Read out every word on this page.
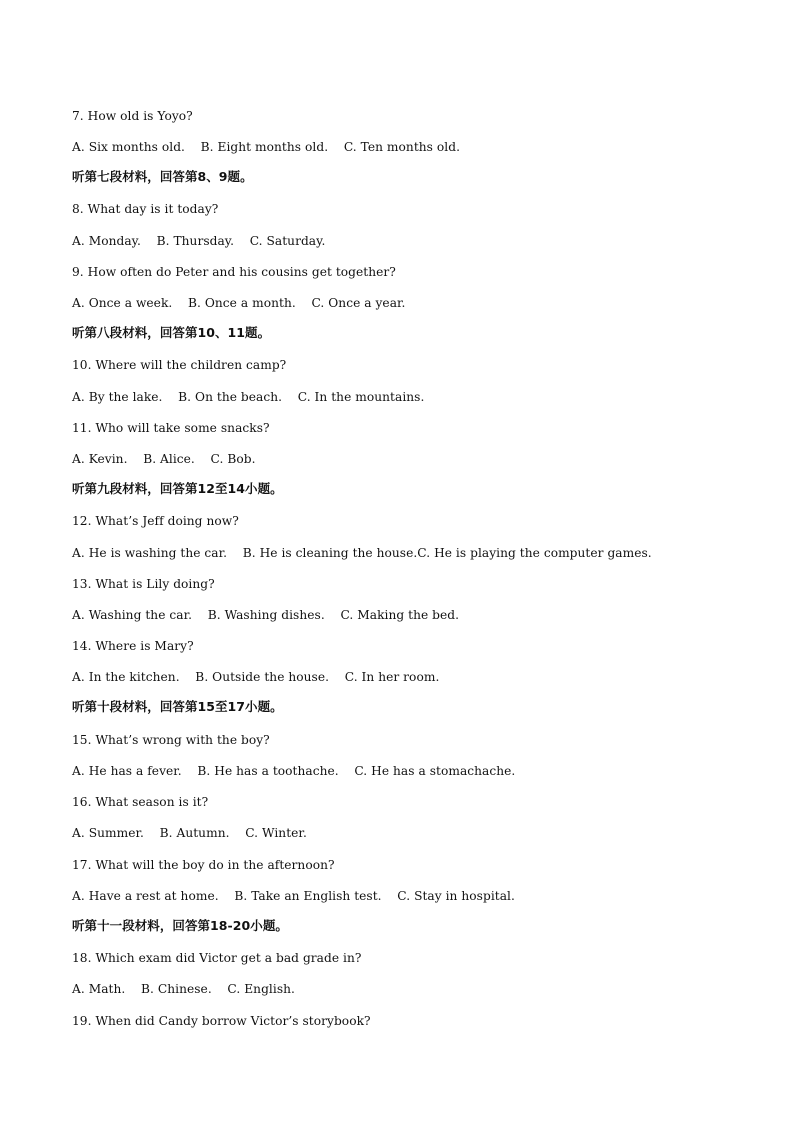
7. How old is Yoyo?
A. Six months old.    B. Eight months old.    C. Ten months old.
听第七段材料，回答第8、9题。
8. What day is it today?
A. Monday.    B. Thursday.    C. Saturday.
9. How often do Peter and his cousins get together?
A. Once a week.    B. Once a month.    C. Once a year.
听第八段材料，回答第10、11题。
10. Where will the children camp?
A. By the lake.    B. On the beach.    C. In the mountains.
11. Who will take some snacks?
A. Kevin.    B. Alice.    C. Bob.
听第九段材料，回答第12至14小题。
12. What’s Jeff doing now?
A. He is washing the car.    B. He is cleaning the house.C. He is playing the computer games.
13. What is Lily doing?
A. Washing the car.    B. Washing dishes.    C. Making the bed.
14. Where is Mary?
A. In the kitchen.    B. Outside the house.    C. In her room.
听第十段材料，回答第15至17小题。
15. What’s wrong with the boy?
A. He has a fever.    B. He has a toothache.    C. He has a stomachache.
16. What season is it?
A. Summer.    B. Autumn.    C. Winter.
17. What will the boy do in the afternoon?
A. Have a rest at home.    B. Take an English test.    C. Stay in hospital.
听第十一段材料，回答第18-20小题。
18. Which exam did Victor get a bad grade in?
A. Math.    B. Chinese.    C. English.
19. When did Candy borrow Victor’s storybook?
